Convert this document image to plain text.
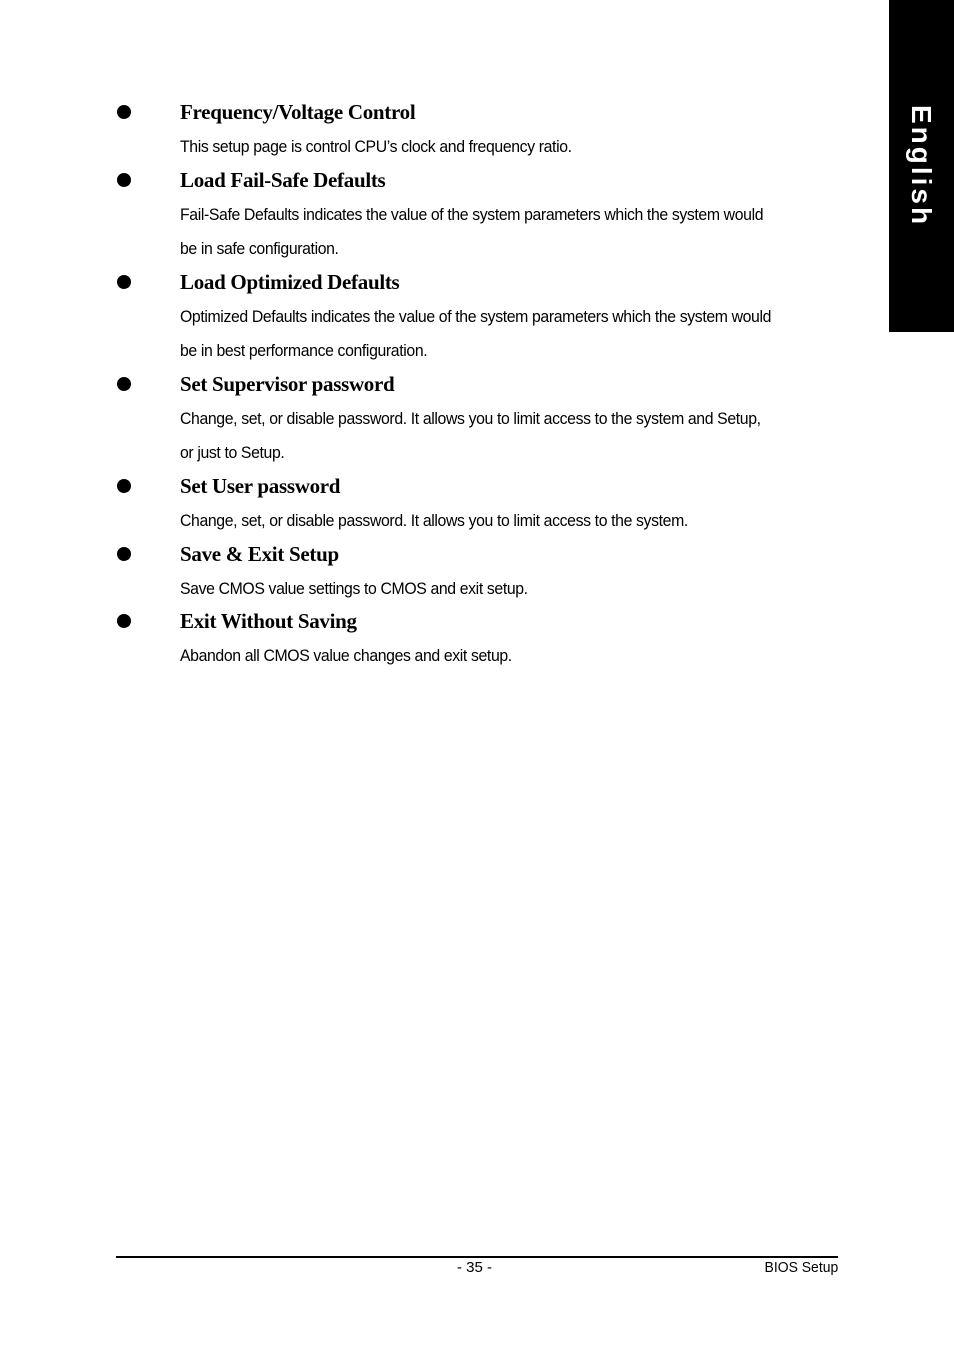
English
Frequency/Voltage Control
This setup page is control CPU’s clock and frequency ratio.
Load Fail-Safe Defaults
Fail-Safe Defaults indicates the value of the system parameters which the system would be in safe configuration.
Load Optimized Defaults
Optimized Defaults indicates the value of the system parameters which the system would be in best performance configuration.
Set Supervisor password
Change, set, or disable password. It allows you to limit access to the system and Setup, or just to Setup.
Set User password
Change, set, or disable password. It allows you to limit access to the system.
Save & Exit Setup
Save CMOS value settings to CMOS and exit setup.
Exit Without Saving
Abandon all CMOS value changes and exit setup.
- 35 -	BIOS Setup
